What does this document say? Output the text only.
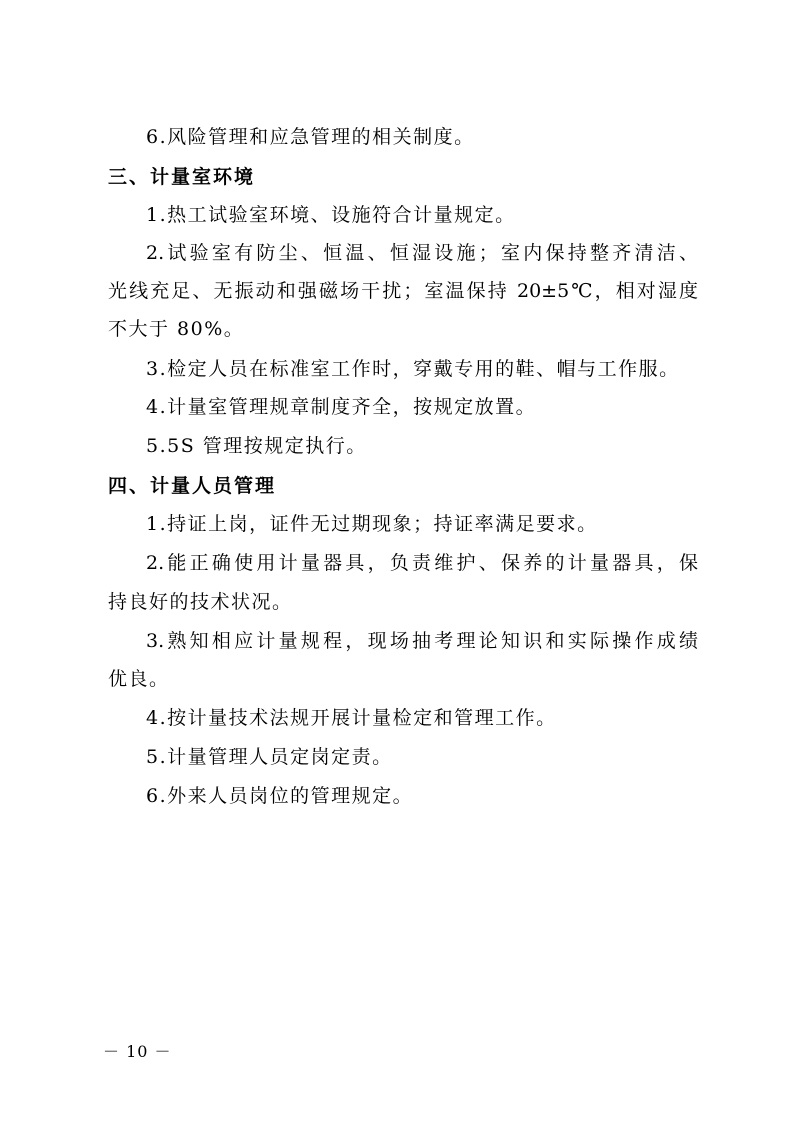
6.风险管理和应急管理的相关制度。
三、计量室环境
1.热工试验室环境、设施符合计量规定。
2.试验室有防尘、恒温、恒湿设施；室内保持整齐清洁、
光线充足、无振动和强磁场干扰；室温保持 20±5℃，相对湿度
不大于 80%。
3.检定人员在标准室工作时，穿戴专用的鞋、帽与工作服。
4.计量室管理规章制度齐全，按规定放置。
5.5S 管理按规定执行。
四、计量人员管理
1.持证上岗，证件无过期现象；持证率满足要求。
2.能正确使用计量器具，负责维护、保养的计量器具，保
持良好的技术状况。
3.熟知相应计量规程，现场抽考理论知识和实际操作成绩
优良。
4.按计量技术法规开展计量检定和管理工作。
5.计量管理人员定岗定责。
6.外来人员岗位的管理规定。
－ 10 －
